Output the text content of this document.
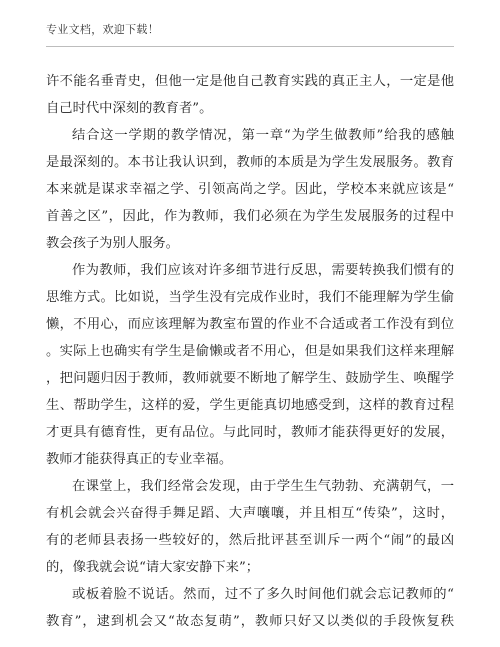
专业文档，欢迎下载！
许不能名垂青史，但他一定是他自己教育实践的真正主人，一定是他
自己时代中深刻的教育者”。
结合这一学期的教学情况，第一章“为学生做教师”给我的感触
是最深刻的。本书让我认识到，教师的本质是为学生发展服务。教育
本来就是谋求幸福之学、引领高尚之学。因此，学校本来就应该是“
首善之区”，因此，作为教师，我们必须在为学生发展服务的过程中
教会孩子为别人服务。
作为教师，我们应该对许多细节进行反思，需要转换我们惯有的
思维方式。比如说，当学生没有完成作业时，我们不能理解为学生偷
懒，不用心，而应该理解为教室布置的作业不合适或者工作没有到位
。实际上也确实有学生是偷懒或者不用心，但是如果我们这样来理解
，把问题归因于教师，教师就要不断地了解学生、鼓励学生、唤醒学
生、帮助学生，这样的爱，学生更能真切地感受到，这样的教育过程
才更具有德育性，更有品位。与此同时，教师才能获得更好的发展，
教师才能获得真正的专业幸福。
在课堂上，我们经常会发现，由于学生生气勃勃、充满朝气，一
有机会就会兴奋得手舞足蹈、大声嚷嚷，并且相互“传染”，这时，
有的老师县表扬一些较好的，然后批评甚至训斥一两个“闹”的最凶
的，像我就会说“请大家安静下来”；
或板着脸不说话。然而，过不了多久时间他们就会忘记教师的“
教育”，逮到机会又“故态复萌”，教师只好又以类似的手段恢复秩
